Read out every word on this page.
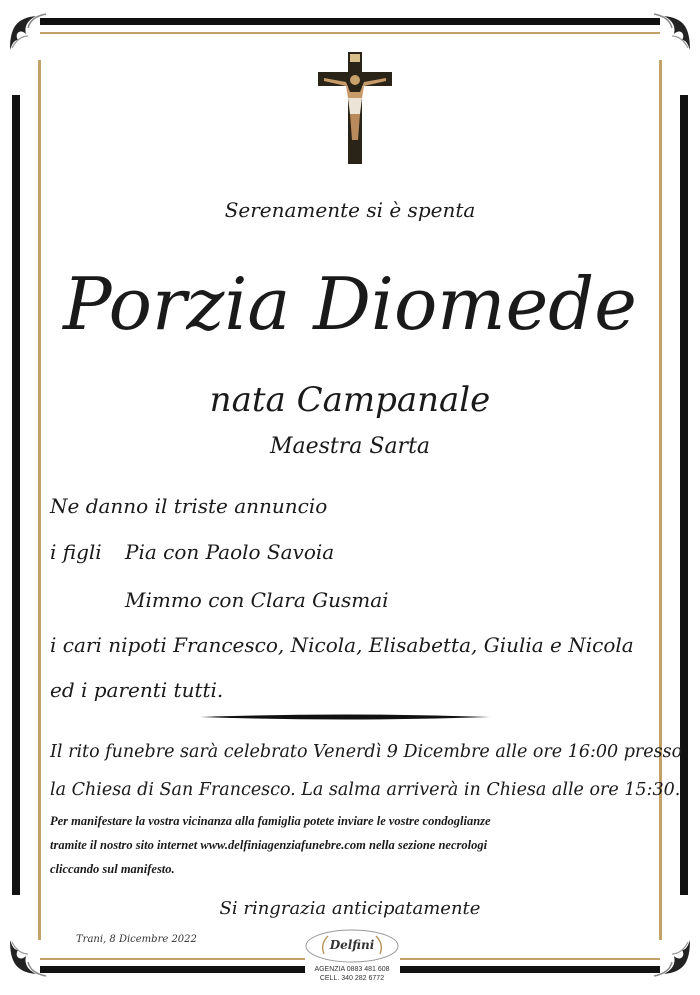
Serenamente si è spenta
Porzia Diomede
nata Campanale
Maestra Sarta
Ne danno il triste annuncio
i figli Pia con Paolo Savoia
Mimmo con Clara Gusmai
i cari nipoti Francesco, Nicola, Elisabetta, Giulia e Nicola
ed i parenti tutti.
Il rito funebre sarà celebrato Venerdì 9 Dicembre alle ore 16:00 presso
la Chiesa di San Francesco. La salma arriverà in Chiesa alle ore 15:30.
Per manifestare la vostra vicinanza alla famiglia potete inviare le vostre condoglianze
tramite il nostro sito internet www.delfiniagenziafunebre.com nella sezione necrologi
cliccando sul manifesto.
Si ringrazia anticipatamente
Trani, 8 Dicembre 2022	Delfini
AGENZIA 0883 481 608
CELL. 340 282 6772
